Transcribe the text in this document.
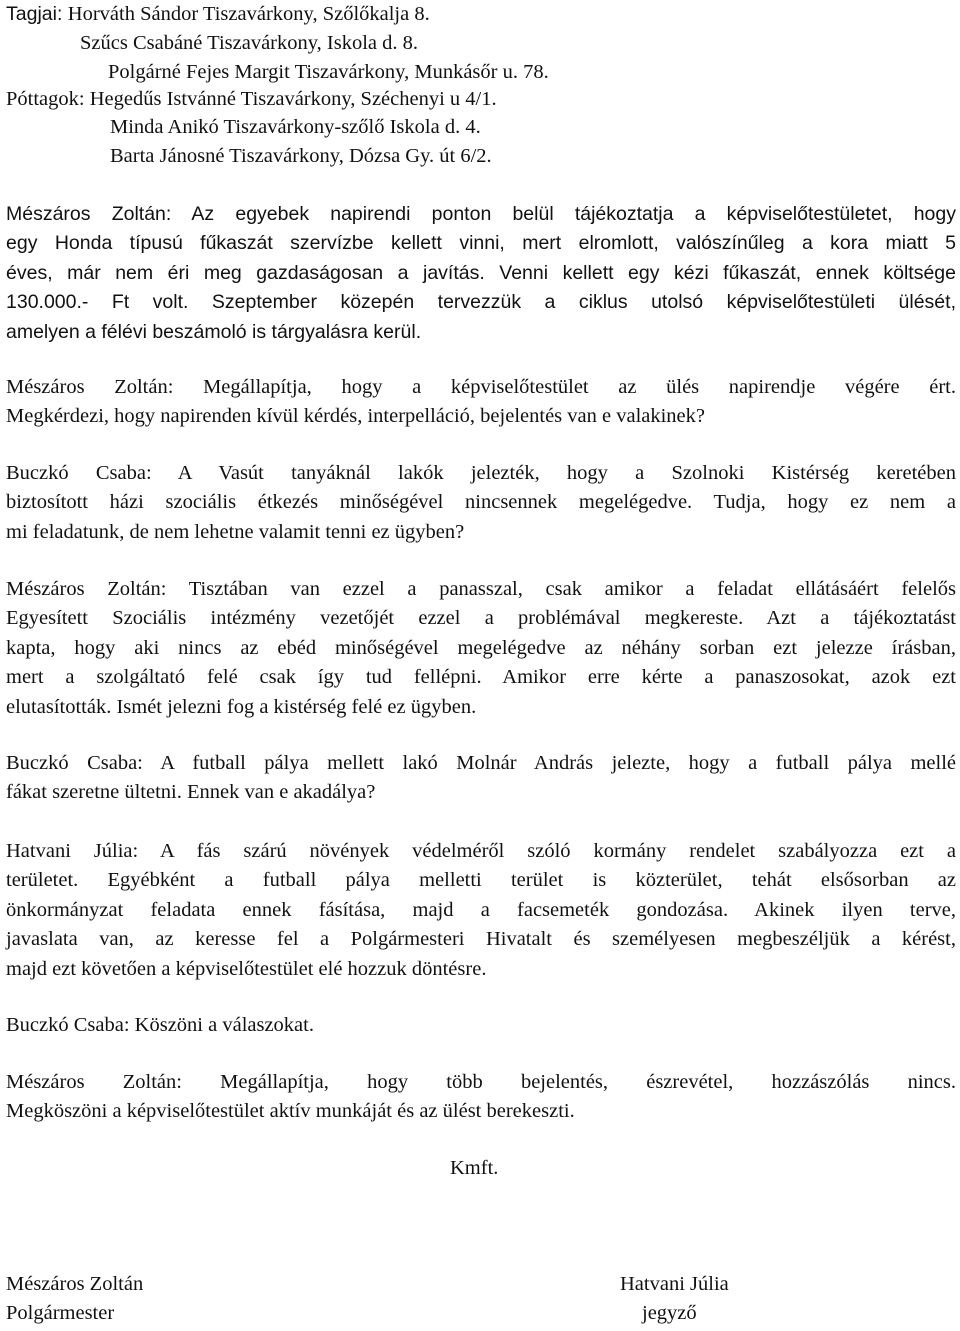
Tagjai: Horváth Sándor Tiszavárkony, Szőlőkalja 8.
Szűcs Csabáné Tiszavárkony, Iskola d. 8.
Polgárné Fejes Margit Tiszavárkony, Munkásőr u. 78.
Póttagok: Hegedűs Istvánné Tiszavárkony, Széchenyi u 4/1.
Minda Anikó Tiszavárkony-szőlő Iskola d. 4.
Barta Jánosné Tiszavárkony, Dózsa Gy. út 6/2.
Mészáros Zoltán: Az egyebek napirendi ponton belül tájékoztatja a képviselőtestületet, hogy
egy Honda típusú fűkaszát szervízbe kellett vinni, mert elromlott, valószínűleg a kora miatt 5
éves, már nem éri meg gazdaságosan a javítás. Venni kellett egy kézi fűkaszát, ennek költsége
130.000.- Ft volt. Szeptember közepén tervezzük a ciklus utolsó képviselőtestületi ülését,
amelyen a félévi beszámoló is tárgyalásra kerül.
Mészáros Zoltán: Megállapítja, hogy a képviselőtestület az ülés napirendje végére ért.
Megkérdezi, hogy napirenden kívül kérdés, interpelláció, bejelentés van e valakinek?
Buczkó Csaba: A Vasút tanyáknál lakók jelezték, hogy a Szolnoki Kistérség keretében
biztosított házi szociális étkezés minőségével nincsennek megelégedve. Tudja, hogy ez nem a
mi feladatunk, de nem lehetne valamit tenni ez ügyben?
Mészáros Zoltán: Tisztában van ezzel a panasszal, csak amikor a feladat ellátásáért felelős
Egyesített Szociális intézmény vezetőjét ezzel a problémával megkereste. Azt a tájékoztatást
kapta, hogy aki nincs az ebéd minőségével megelégedve az néhány sorban ezt jelezze írásban,
mert a szolgáltató felé csak így tud fellépni. Amikor erre kérte a panaszosokat, azok ezt
elutasították. Ismét jelezni fog a kistérség felé ez ügyben.
Buczkó Csaba: A futball pálya mellett lakó Molnár András jelezte, hogy a futball pálya mellé
fákat szeretne ültetni. Ennek van e akadálya?
Hatvani Júlia: A fás szárú növények védelméről szóló kormány rendelet szabályozza ezt a
területet. Egyébként a futball pálya melletti terület is közterület, tehát elsősorban az
önkormányzat feladata ennek fásítása, majd a facsemeték gondozása. Akinek ilyen terve,
javaslata van, az keresse fel a Polgármesteri Hivatalt és személyesen megbeszéljük a kérést,
majd ezt követően a képviselőtestület elé hozzuk döntésre.
Buczkó Csaba: Köszöni a válaszokat.
Mészáros Zoltán: Megállapítja, hogy több bejelentés, észrevétel, hozzászólás nincs.
Megköszöni a képviselőtestület aktív munkáját és az ülést berekeszti.
Kmft.
Mészáros Zoltán
Polgármester
Hatvani Júlia
jegyző
